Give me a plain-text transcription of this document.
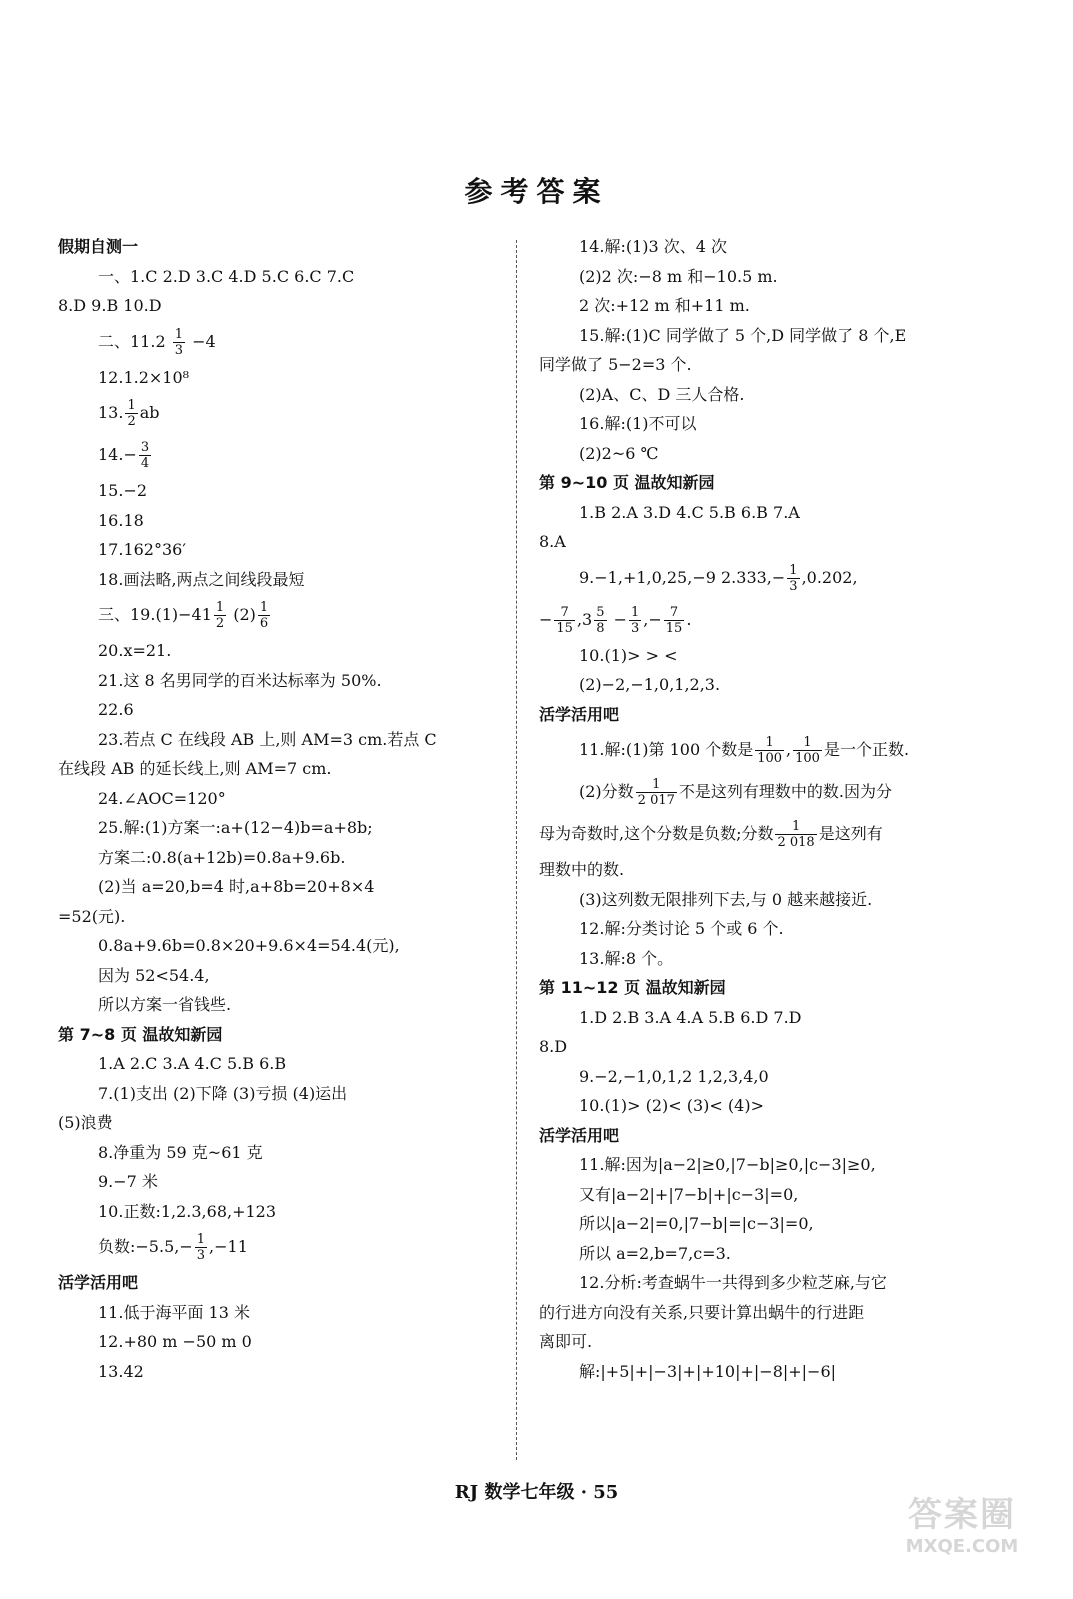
参考答案
假期自测一
一、1.C 2.D 3.C 4.D 5.C 6.C 7.C
8.D 9.B 10.D
二、$11.2 \frac{1}{3} -4$
12.1.2×10⁸
13. $\frac{1}{2}$ ab
$14.- \frac{3}{4}$
15.−2
16.18
17.162°36′
18.画法略,两点之间线段最短
三、$19.(1)-41 \frac{1}{2} (2) \frac{1}{6}$
20.x=21.
21.这 8 名男同学的百米达标率为 50%.
22.6
23.若点 C 在线段 AB 上,则 AM=3 cm.若点 C
在线段 AB 的延长线上,则 AM=7 cm.
24.∠AOC=120°
25.解:(1)方案一:a+(12−4)b=a+8b;
方案二:0.8(a+12b)=0.8a+9.6b.
(2)当 a=20,b=4 时,a+8b=20+8×4
=52(元).
0.8a+9.6b=0.8×20+9.6×4=54.4(元),
因为 52<54.4,
所以方案一省钱些.
第 7~8 页 温故知新园
1.A 2.C 3.A 4.C 5.B 6.B
7.(1)支出 (2)下降 (3)亏损 (4)运出
(5)浪费
8.净重为 59 克~61 克
9.−7 米
10.正数:1,2.3,68,+123
负数:−5.5,− $\frac{1}{3} ,-11$
活学活用吧
11.低于海平面 13 米
12.+80 m −50 m 0
13.42
14.解:(1)3 次、4 次
(2)2 次:−8 m 和−10.5 m.
2 次:+12 m 和+11 m.
15.解:(1)C 同学做了 5 个,D 同学做了 8 个,E
同学做了 5−2=3 个.
(2)A、C、D 三人合格.
16.解:(1)不可以
(2)2~6 ℃
第 9~10 页 温故知新园
1.B 2.A 3.D 4.C 5.B 6.B 7.A
8.A
9.−1,+1,0,25,−9 $2.333,- \frac{1}{3} ,0.202$,
− $\frac{7}{15} ,3 \frac{5}{8} - \frac{1}{3}$ ,− $\frac{7}{15}$ .
10.(1)> > <
(2)−2,−1,0,1,2,3.
活学活用吧
11.解:(1)第 100 个数是 $\frac{1}{100}$ , $\frac{1}{100}$ 是一个正数.
(2)分数 $\frac{1}{2 017}$ 不是这列有理数中的数.因为分
母为奇数时,这个分数是负数;分数 $\frac{1}{2 018}$ 是这列有
理数中的数.
(3)这列数无限排列下去,与 0 越来越接近.
12.解:分类讨论 5 个或 6 个.
13.解:8 个。
第 11~12 页 温故知新园
1.D 2.B 3.A 4.A 5.B 6.D 7.D
8.D
9.−2,−1,0,1,2 1,2,3,4,0
10.(1)> (2)< (3)< (4)>
活学活用吧
11.解:因为|a−2|≥0,|7−b|≥0,|c−3|≥0,
又有|a−2|+|7−b|+|c−3|=0,
所以|a−2|=0,|7−b|=|c−3|=0,
所以 a=2,b=7,c=3.
12.分析:考查蜗牛一共得到多少粒芝麻,与它
的行进方向没有关系,只要计算出蜗牛的行进距
离即可.
解:|+5|+|−3|+|+10|+|−8|+|−6|
RJ 数学七年级 · 55
答案圈
MXQE.COM
